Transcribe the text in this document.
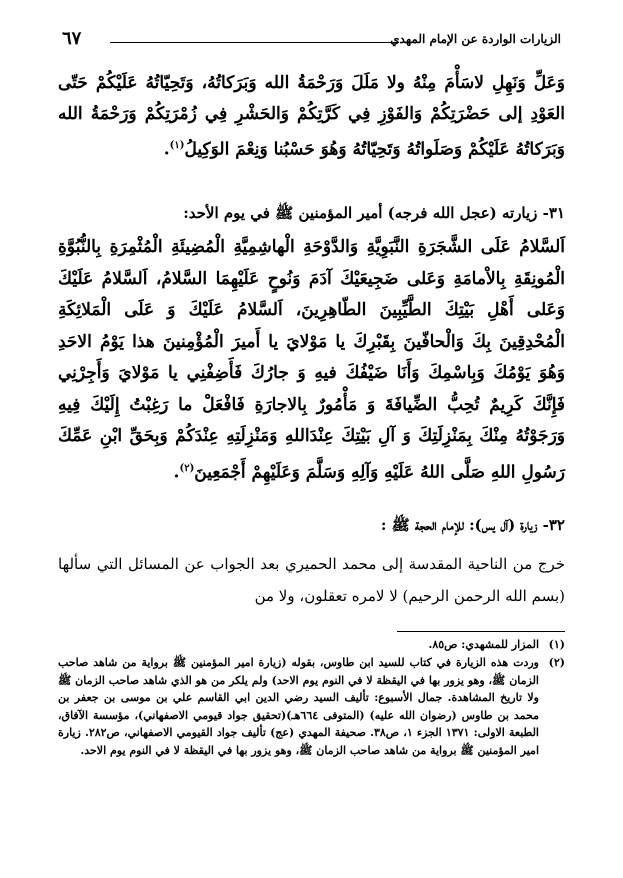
الزيارات الواردة عن الإمام المهدي
٦٧

وَعَلِّ وَنَهِلِ لاسَأْمَ مِنْهُ ولا مَلَلَ وَرَحْمَةُ الله وَبَرَكاتُهُ، وَتَحِيّاتُهُ عَلَيْكُمْ حَتّى العَوْدِ إلى حَضْرَتِكُمْ وَالفَوْزِ فِي كَرَّتِكُمْ وَالحَشْرِ فِي زُمْرَتِكُمْ وَرَحْمَةُ الله وَبَرَكاتُهُ عَلَيْكُمْ وَصَلَواتُهُ وَتَحِيّاتُهُ وَهُوَ حَسْبُنا وَنِعْمَ الوَكِيلُ$^{(١)}$.

٣١- زيارته (عجل الله فرجه) أمير المؤمنين ﷺ في يوم الأحد:

اَلسَّلامُ عَلَى الشَّجَرَةِ النَّبَوِيَّةِ وَالدَّوْحَةِ الْهاشِمِيَّةِ الْمُضِيئَةِ الْمُثْمِرَةِ بِالنُّبُوَّةِ الْمُونِقَةِ بِالاْمامَةِ وَعَلى ضَجِيعَيْكَ آدَمَ وَنُوحٍ عَلَيْهِمَا السَّلامُ، اَلسَّلامُ عَلَيْكَ وَعَلى أَهْلِ بَيْتِكَ الطَّيِّبِينَ الطّاهِرِينَ، اَلسَّلامُ عَلَيْكَ وَ عَلَى الْمَلائِكَةِ الْمُحْدِقِينَ بِكَ وَالْحافّينَ بِقَبْرِكَ يا مَوْلايَ يا أَميرَ الْمُؤْمِنينَ هذا يَوْمُ الاحَدِ وَهُوَ يَوْمُكَ وَبِاسْمِكَ وَأَنَا ضَيْفُكَ فيهِ وَ جارُكَ فَأَضِفْنِي يا مَوْلايَ وَأَجِرْنِي فَإِنَّكَ كَرِيمٌ تُحِبُّ الضِّيافَةَ وَ مَأْمُورٌ بِالاجارَةِ فَافْعَلْ ما رَغِبْتُ إِلَيْكَ فِيهِ وَرَجَوْتُهُ مِنْكَ بِمَنْزِلَتِكَ وَ آلِ بَيْتِكَ عِنْدَاللهِ وَمَنْزِلَتِهِ عِنْدَكُمْ وَبِحَقِّ ابْنِ عَمِّكَ رَسُولِ اللهِ صَلَّى اللهُ عَلَيْهِ وَآلِهِ وَسَلَّمَ وَعَلَيْهِمْ أَجْمَعِينَ$^{(٢)}$.

٣٢- زيارة (آل يس): للإمام الحجة ﷺ :

خرج من الناحية المقدسة إلى محمد الحميري بعد الجواب عن المسائل التي سألها (بسم الله الرحمن الرحيم) لا لامره تعقلون، ولا من

(١)
المزار للمشهدي: ص٨٥.
(٢)
وردت هذه الزيارة في كتاب للسيد ابن طاوس، بقوله (زيارة امير المؤمنين ﷺ برواية من شاهد صاحب الزمان ﷺ، وهو يزور بها في اليقظة لا في النوم يوم الاحد) ولم يلكر من هو الذي شاهد صاحب الزمان ﷺ ولا تاريخ المشاهدة. جمال الأسبوع: تأليف السيد رضي الدين ابي القاسم علي بن موسى بن جعفر بن محمد بن طاوس (رضوان الله عليه) (المتوفى ٦٦٤هـ)(تحقيق جواد قيومي الاصفهاني)، مؤسسة الآفاق، الطبعة الاولى: ١٣٧١ الجزء ١، ص٣٨. صحيفة المهدي (عج) تأليف جواد القيومي الاصفهاني، ص٢٨٢. زيارة امير المؤمنين ﷺ برواية من شاهد صاحب الزمان ﷺ، وهو يزور بها في اليقظة لا في النوم يوم الاحد.
